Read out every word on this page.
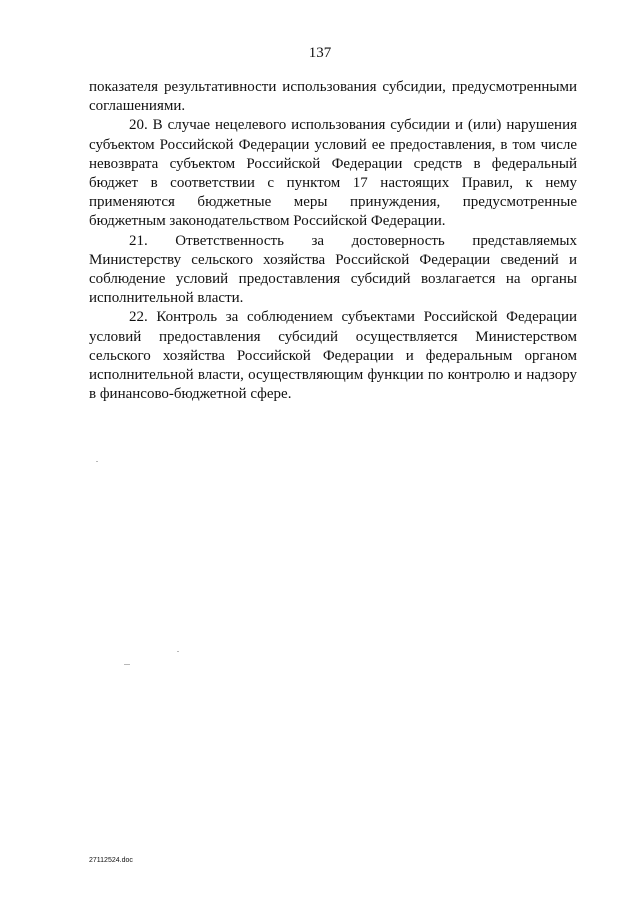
137

показателя результативности использования субсидии, предусмотренными соглашениями.

20. В случае нецелевого использования субсидии и (или) нарушения субъектом Российской Федерации условий ее предоставления, в том числе невозврата субъектом Российской Федерации средств в федеральный бюджет в соответствии с пунктом 17 настоящих Правил, к нему применяются бюджетные меры принуждения, предусмотренные бюджетным законодательством Российской Федерации.

21. Ответственность за достоверность представляемых Министерству сельского хозяйства Российской Федерации сведений и соблюдение условий предоставления субсидий возлагается на органы исполнительной власти.

22. Контроль за соблюдением субъектами Российской Федерации условий предоставления субсидий осуществляется Министерством сельского хозяйства Российской Федерации и федеральным органом исполнительной власти, осуществляющим функции по контролю и надзору в финансово-бюджетной сфере.

27112524.doc
